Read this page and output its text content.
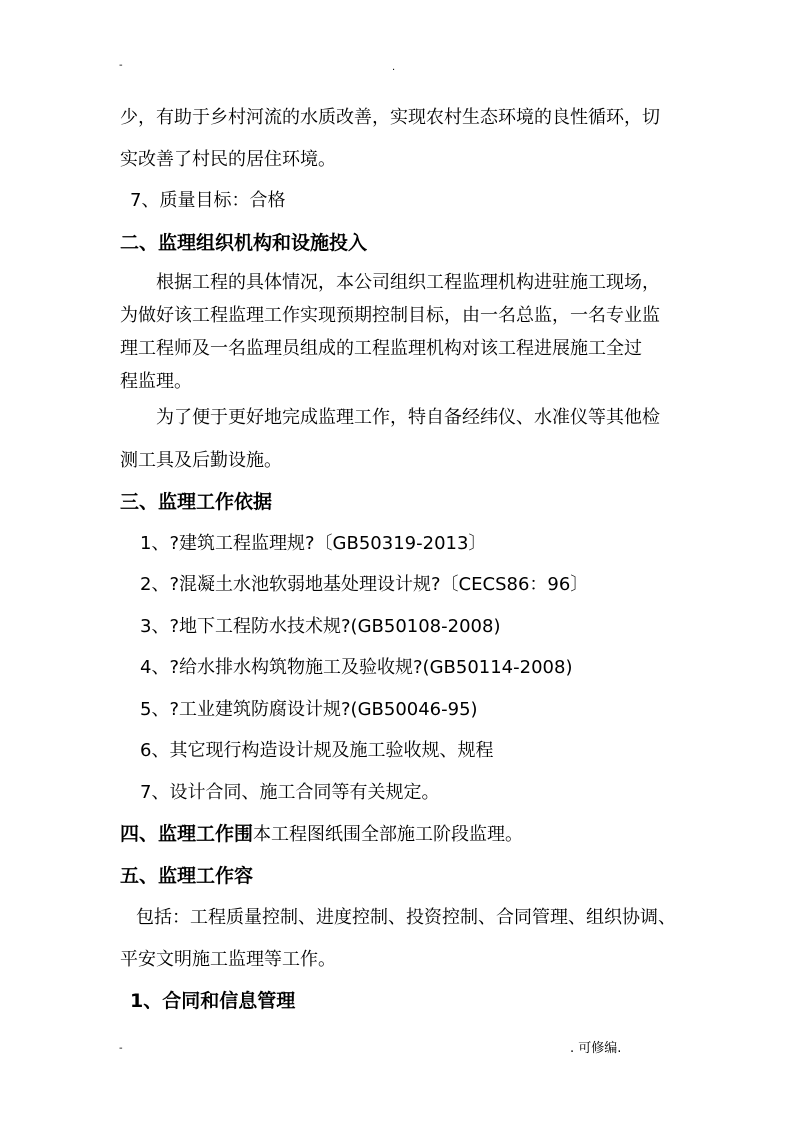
-	.
少，有助于乡村河流的水质改善，实现农村生态环境的良性循环，切
实改善了村民的居住环境。
7、质量目标：合格
二、监理组织机构和设施投入
根据工程的具体情况，本公司组织工程监理机构进驻施工现场，
为做好该工程监理工作实现预期控制目标，由一名总监，一名专业监
理工程师及一名监理员组成的工程监理机构对该工程进展施工全过
程监理。
为了便于更好地完成监理工作，特自备经纬仪、水准仪等其他检
测工具及后勤设施。
三、监理工作依据
1、?建筑工程监理规?〔GB50319-2013〕
2、?混凝土水池软弱地基处理设计规?〔CECS86：96〕
3、?地下工程防水技术规?(GB50108-2008)
4、?给水排水构筑物施工及验收规?(GB50114-2008)
5、?工业建筑防腐设计规?(GB50046-95)
6、其它现行构造设计规及施工验收规、规程
7、设计合同、施工合同等有关规定。
四、监理工作围本工程图纸围全部施工阶段监理。
五、监理工作容
包括：工程质量控制、进度控制、投资控制、合同管理、组织协调、
平安文明施工监理等工作。
1、合同和信息管理
-	. 可修编.
